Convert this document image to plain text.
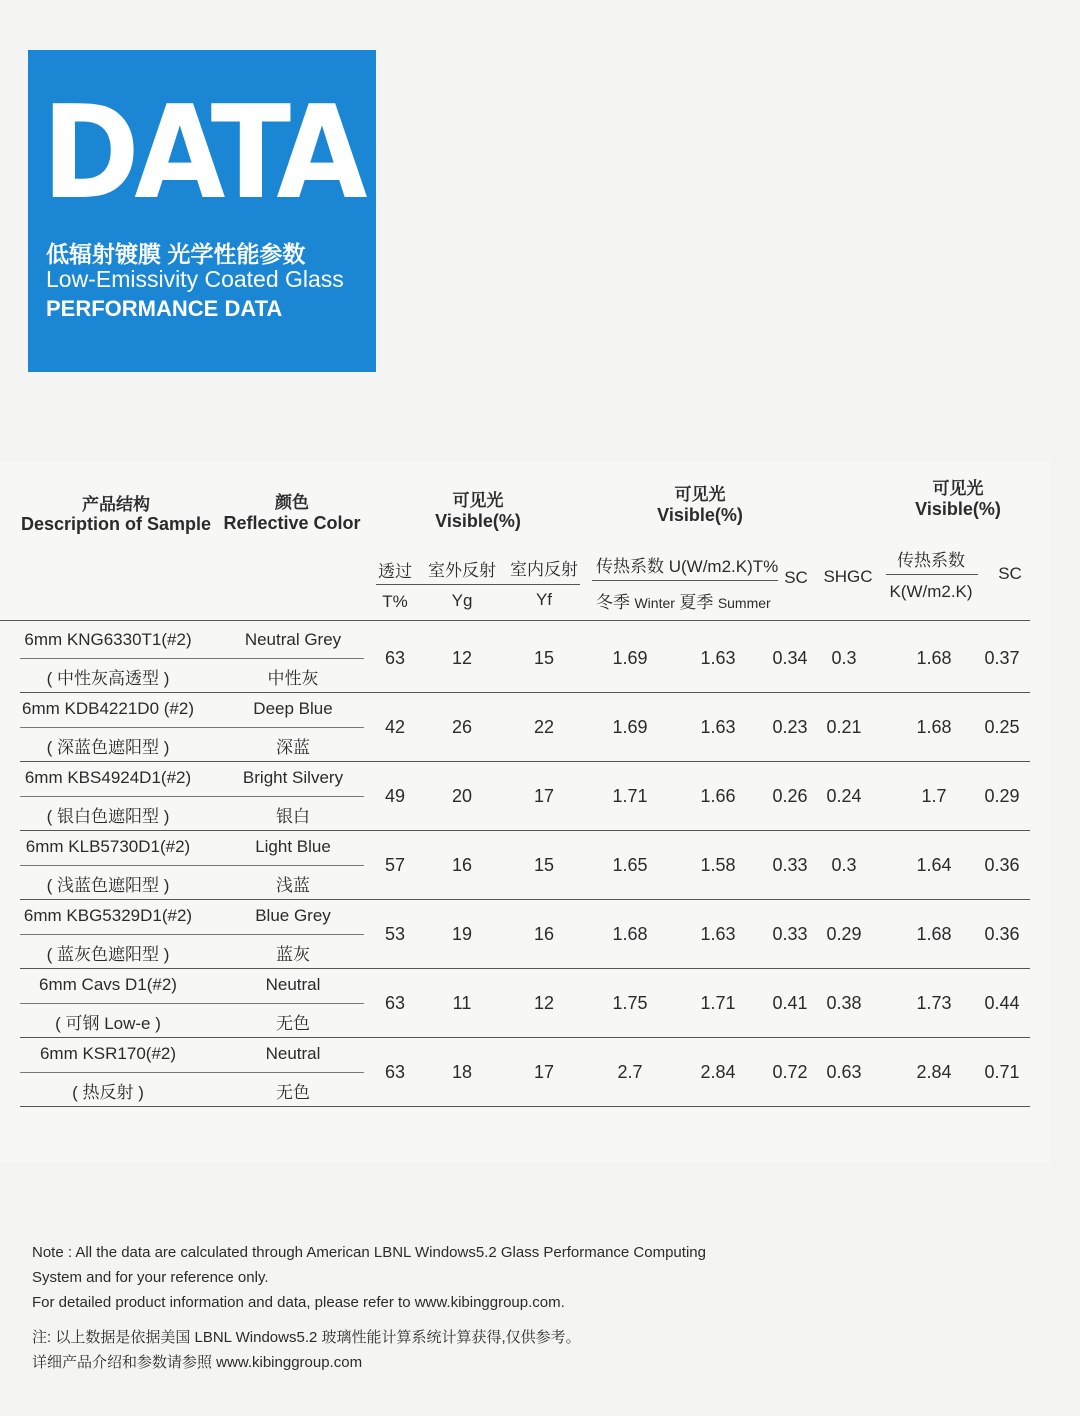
DATA
低辐射镀膜 光学性能参数
Low-Emissivity Coated Glass
PERFORMANCE DATA
产品结构
Description of Sample
颜色
Reflective Color
可见光
Visible(%)
可见光
Visible(%)
可见光
Visible(%)
透过
T%
室外反射
Yg
室内反射
Yf
传热系数 U(W/m2.K)T%
冬季 Winter 夏季 Summer
SC SHGC
传热系数
K(W/m2.K)
SC
6mm KNG6330T1(#2)
( 中性灰高透型 )
Neutral Grey
中性灰
63	12	15	1.69	1.63 0.34 0.3	1.68 0.37
6mm KDB4221D0 (#2)
( 深蓝色遮阳型 )
Deep Blue
深蓝
42	26	22	1.69	1.63 0.23 0.21	1.68 0.25
6mm KBS4924D1(#2)
( 银白色遮阳型 )
Bright Silvery
银白
49	20	17	1.71	1.66 0.26 0.24	1.7 0.29
6mm KLB5730D1(#2)
( 浅蓝色遮阳型 )
Light Blue
浅蓝
57	16	15	1.65	1.58 0.33 0.3	1.64 0.36
6mm KBG5329D1(#2)
( 蓝灰色遮阳型 )
Blue Grey
蓝灰
53	19	16	1.68	1.63 0.33 0.29	1.68 0.36
6mm Cavs D1(#2)
( 可钢 Low-e )
Neutral
无色
63	11	12	1.75	1.71 0.41 0.38	1.73 0.44
6mm KSR170(#2)
( 热反射 )
Neutral
无色
63	18	17	2.7	2.84 0.72 0.63	2.84 0.71
Note : All the data are calculated through American LBNL Windows5.2 Glass Performance Computing
System and for your reference only.
For detailed product information and data, please refer to www.kibinggroup.com.
注: 以上数据是依据美国 LBNL Windows5.2 玻璃性能计算系统计算获得,仅供参考。
详细产品介绍和参数请参照 www.kibinggroup.com
